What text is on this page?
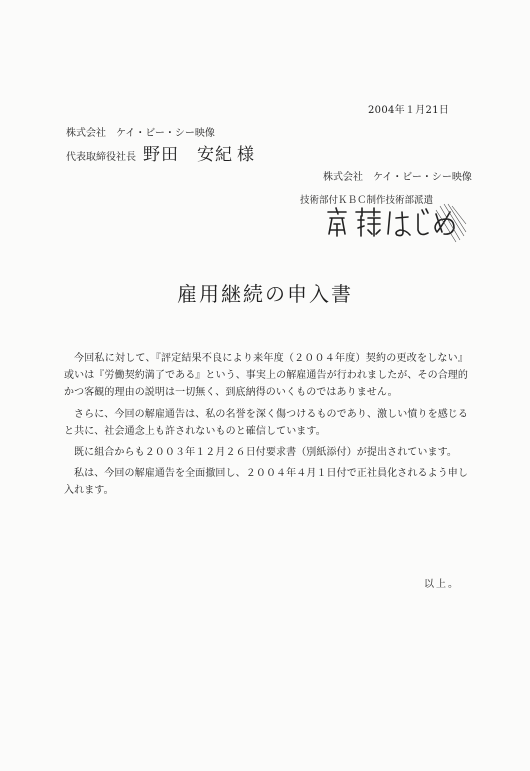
2004年１月21日
株式会社　ケイ・ビー・シー映像
代表取締役社長 野田　安紀 様
株式会社　ケイ・ビー・シー映像
技術部付ＫＢＣ制作技術部派遣
雇用継続の申入書

今回私に対して、『評定結果不良により来年度（２００４年度）契約の更改をしない』或いは『労働契約満了である』という、事実上の解雇通告が行われましたが、その合理的かつ客観的理由の説明は一切無く、到底納得のいくものではありません。

さらに、今回の解雇通告は、私の名誉を深く傷つけるものであり、激しい憤りを感じると共に、社会通念上も許されないものと確信しています。

既に組合からも２００３年１２月２６日付要求書（別紙添付）が提出されています。

私は、今回の解雇通告を全面撤回し、２００４年４月１日付で正社員化されるよう申し入れます。

以上。
